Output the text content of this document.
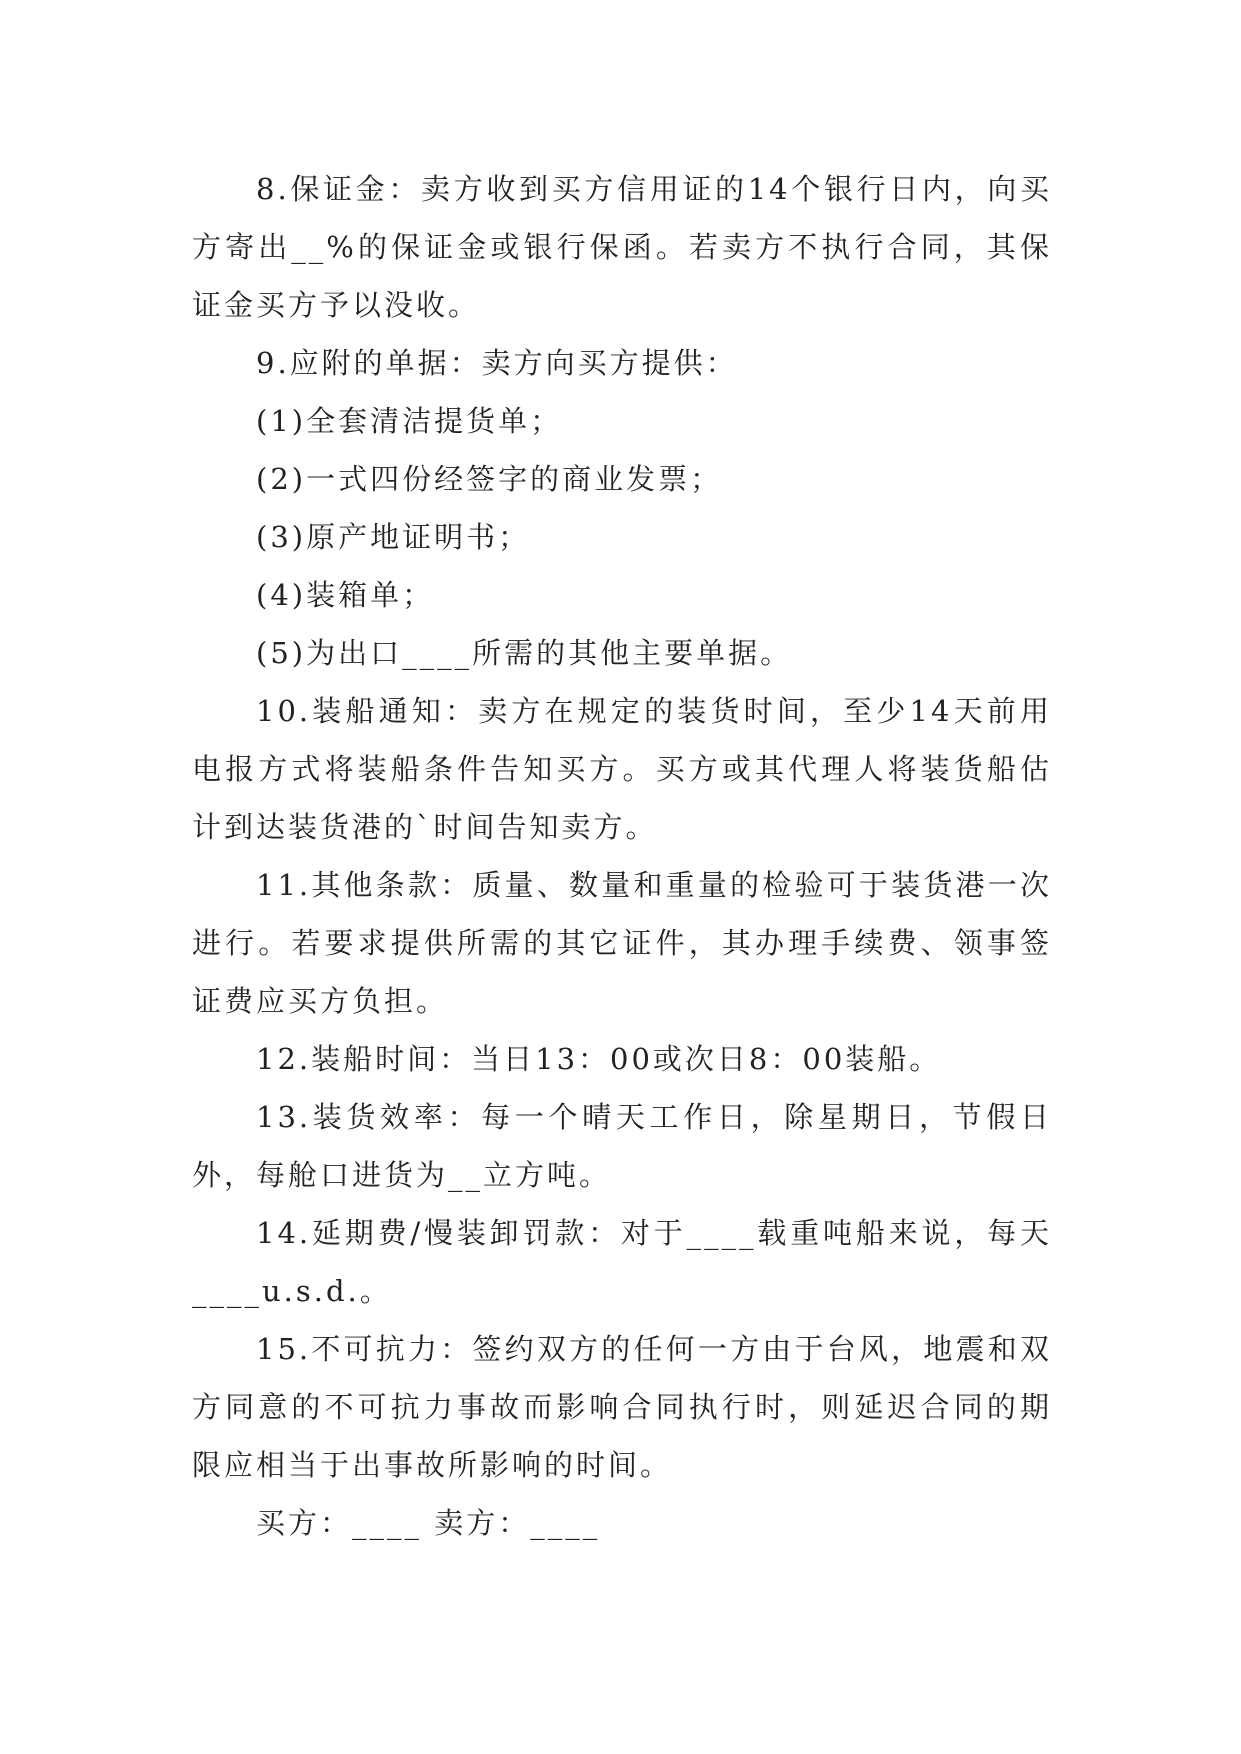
8.保证金：卖方收到买方信用证的14个银行日内，向买方寄出__%的保证金或银行保函。若卖方不执行合同，其保证金买方予以没收。

9.应附的单据：卖方向买方提供：

(1)全套清洁提货单；

(2)一式四份经签字的商业发票；

(3)原产地证明书；

(4)装箱单；

(5)为出口____所需的其他主要单据。

10.装船通知：卖方在规定的装货时间，至少14天前用电报方式将装船条件告知买方。买方或其代理人将装货船估计到达装货港的`时间告知卖方。

11.其他条款：质量、数量和重量的检验可于装货港一次进行。若要求提供所需的其它证件，其办理手续费、领事签证费应买方负担。

12.装船时间：当日13：00或次日8：00装船。

13.装货效率：每一个晴天工作日，除星期日，节假日外，每舱口进货为__立方吨。

14.延期费/慢装卸罚款：对于____载重吨船来说，每天____u.s.d.。

15.不可抗力：签约双方的任何一方由于台风，地震和双方同意的不可抗力事故而影响合同执行时，则延迟合同的期限应相当于出事故所影响的时间。

买方：____ 卖方：____
